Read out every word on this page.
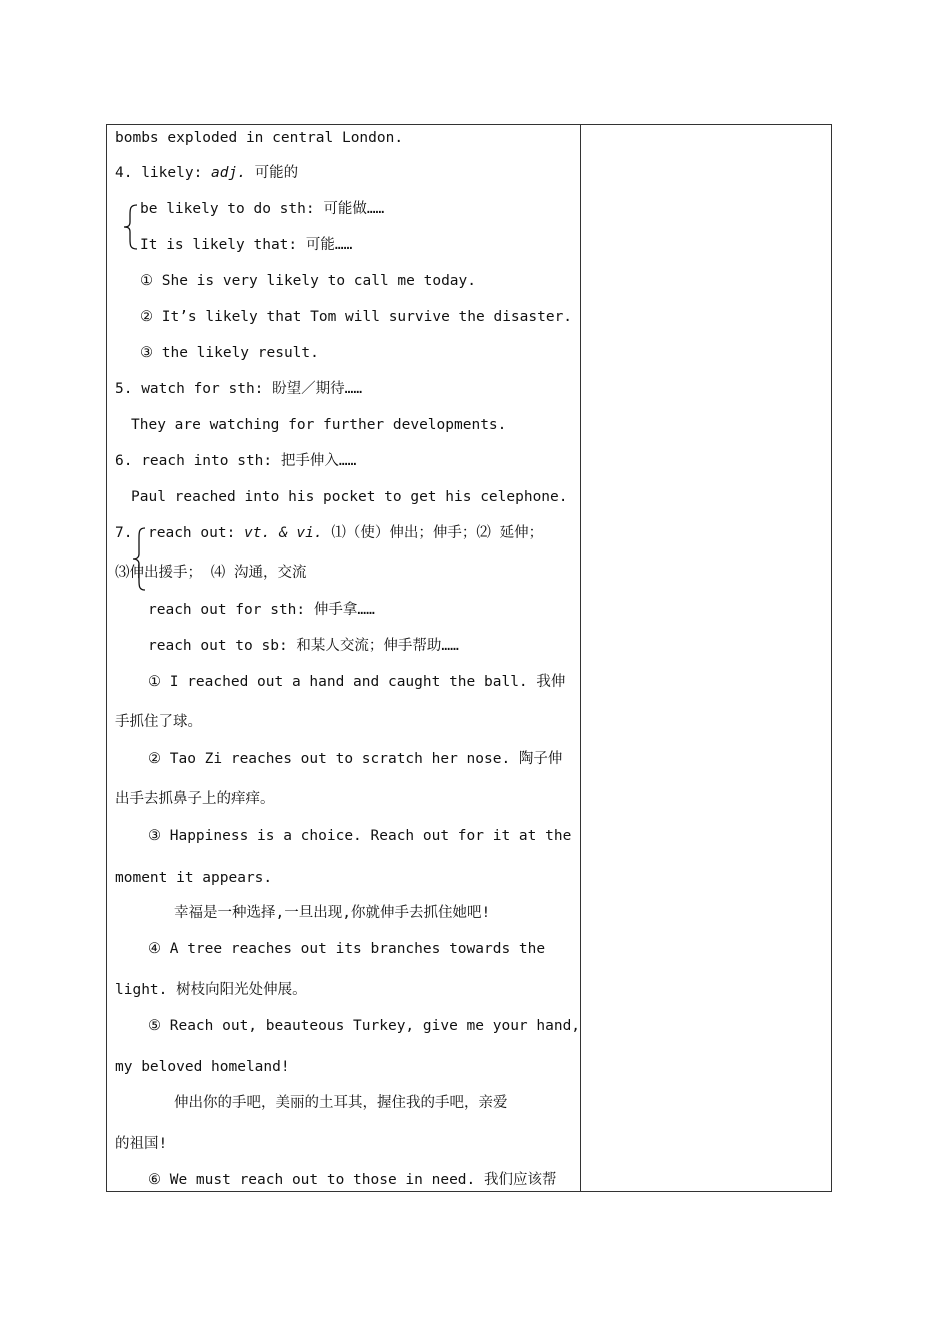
bombs exploded in central London.
4. likely: adj. 可能的
be likely to do sth: 可能做……
It is likely that: 可能……
① She is very likely to call me today.
② It’s likely that Tom will survive the disaster.
③ the likely result.
5. watch for sth: 盼望／期待……
They are watching for further developments.
6. reach into sth: 把手伸入……
Paul reached into his pocket to get his celephone.
7. reach out: vt. & vi. ⑴（使）伸出；伸手；⑵ 延伸；
⑶伸出援手； ⑷ 沟通，交流
reach out for sth: 伸手拿……
reach out to sb: 和某人交流；伸手帮助……
① I reached out a hand and caught the ball. 我伸
手抓住了球。
② Tao Zi reaches out to scratch her nose. 陶子伸
出手去抓鼻子上的痒痒。
③ Happiness is a choice. Reach out for it at the
moment it appears.
幸福是一种选择,一旦出现,你就伸手去抓住她吧!
④ A tree reaches out its branches towards the
light. 树枝向阳光处伸展。
⑤ Reach out, beauteous Turkey, give me your hand,
my beloved homeland!
伸出你的手吧，美丽的土耳其，握住我的手吧，亲爱
的祖国!
⑥ We must reach out to those in need. 我们应该帮
